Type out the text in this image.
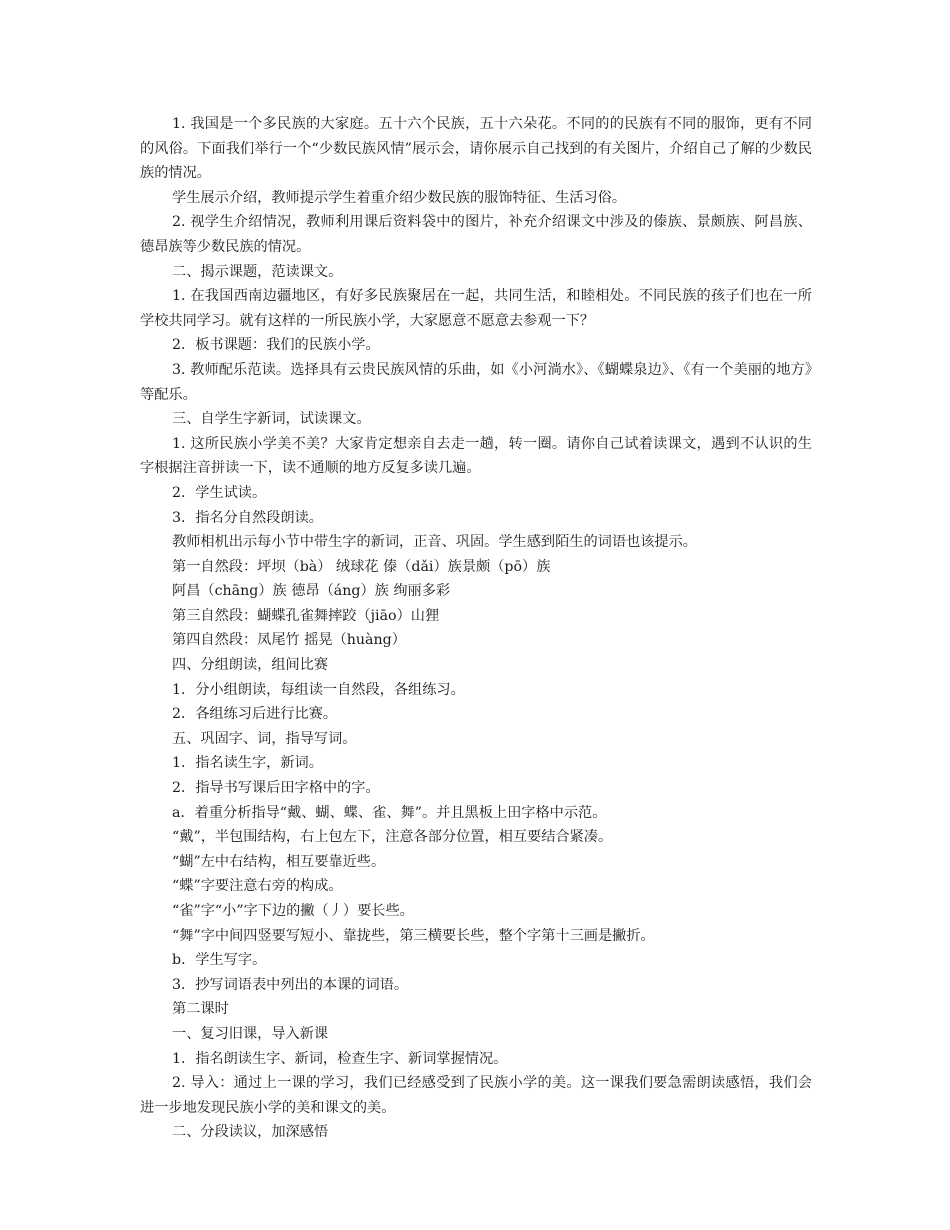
1. 我国是一个多民族的大家庭。五十六个民族，五十六朵花。不同的的民族有不同的服饰，更有不同的风俗。下面我们举行一个“少数民族风情”展示会，请你展示自己找到的有关图片，介绍自己了解的少数民族的情况。

学生展示介绍，教师提示学生着重介绍少数民族的服饰特征、生活习俗。

2. 视学生介绍情况，教师利用课后资料袋中的图片，补充介绍课文中涉及的傣族、景颇族、阿昌族、德昂族等少数民族的情况。

二、揭示课题，范读课文。

1. 在我国西南边疆地区，有好多民族聚居在一起，共同生活，和睦相处。不同民族的孩子们也在一所学校共同学习。就有这样的一所民族小学，大家愿意不愿意去参观一下？

2．板书课题：我们的民族小学。

3. 教师配乐范读。选择具有云贵民族风情的乐曲，如《小河淌水》、《蝴蝶泉边》、《有一个美丽的地方》等配乐。

三、自学生字新词，试读课文。

1. 这所民族小学美不美？大家肯定想亲自去走一趟，转一圈。请你自己试着读课文，遇到不认识的生字根据注音拼读一下，读不通顺的地方反复多读几遍。

2．学生试读。

3．指名分自然段朗读。

教师相机出示每小节中带生字的新词，正音、巩固。学生感到陌生的词语也该提示。

第一自然段：坪坝（bà） 绒球花 傣（dǎi）族景颇（pō）族

阿昌（chāng）族 德昂（áng）族 绚丽多彩

第三自然段：蝴蝶孔雀舞摔跤（jiāo）山狸

第四自然段：凤尾竹 摇晃（huàng）

四、分组朗读，组间比赛

1．分小组朗读，每组读一自然段，各组练习。

2．各组练习后进行比赛。

五、巩固字、词，指导写词。

1．指名读生字，新词。

2．指导书写课后田字格中的字。

a．着重分析指导“戴、蝴、蝶、雀、舞”。并且黑板上田字格中示范。

“戴”，半包围结构，右上包左下，注意各部分位置，相互要结合紧凑。

“蝴”左中右结构，相互要靠近些。

“蝶”字要注意右旁的构成。

“雀”字“小”字下边的撇（丿）要长些。

“舞”字中间四竖要写短小、靠拢些，第三横要长些，整个字第十三画是撇折。

b．学生写字。

3．抄写词语表中列出的本课的词语。

第二课时

一、复习旧课，导入新课

1．指名朗读生字、新词，检查生字、新词掌握情况。

2. 导入：通过上一课的学习，我们已经感受到了民族小学的美。这一课我们要急需朗读感悟，我们会进一步地发现民族小学的美和课文的美。

二、分段读议，加深感悟
